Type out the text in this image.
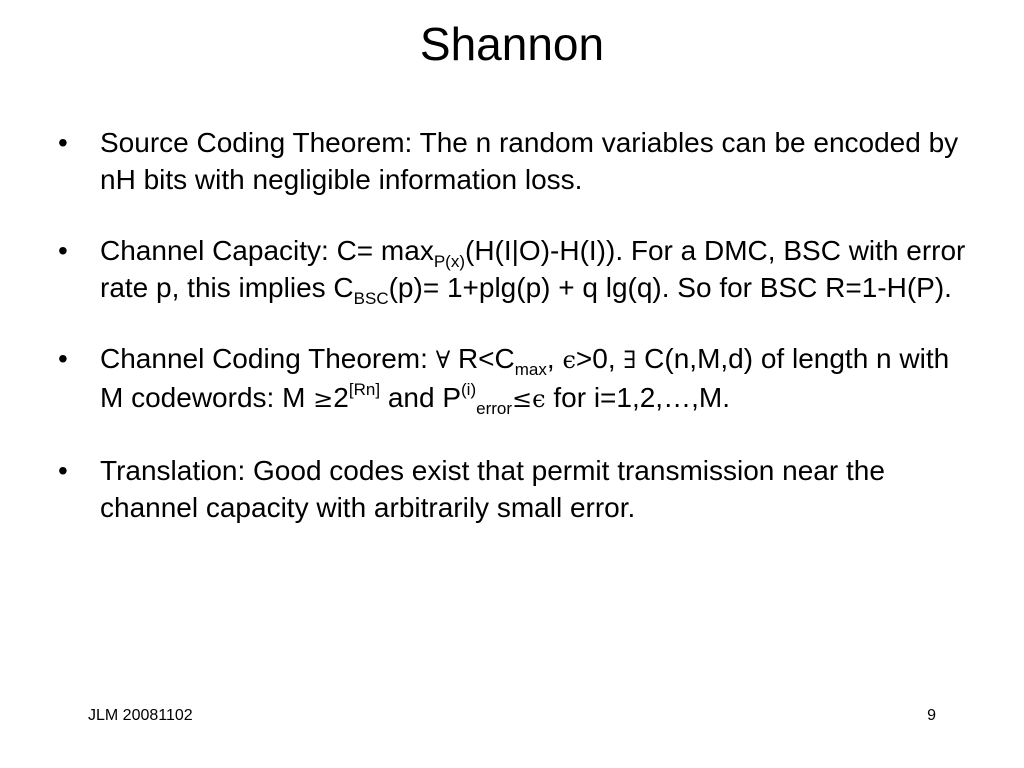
Shannon
•	Source Coding Theorem: The n random variables can be encoded by nH bits with negligible information loss.
•	Channel Capacity: $C= \max_{P(x)}(H(I|O)-H(I))$. For a DMC, BSC with error rate p, this implies $C_{BSC}(p)= 1+plg(p) + q$ lg(q). So for BSC R=1-H(P).
•	Channel Coding Theorem: ∀ $R<C_{max}$, ϵ>0, ∃ C(n,M,d) of length n with M codewords: M ≥2[Rn] and $P^{(i)}_{error}\le\epsilon$ for i=1,2,…,M.
•	Translation: Good codes exist that permit transmission near the channel capacity with arbitrarily small error.
JLM 20081102	9
